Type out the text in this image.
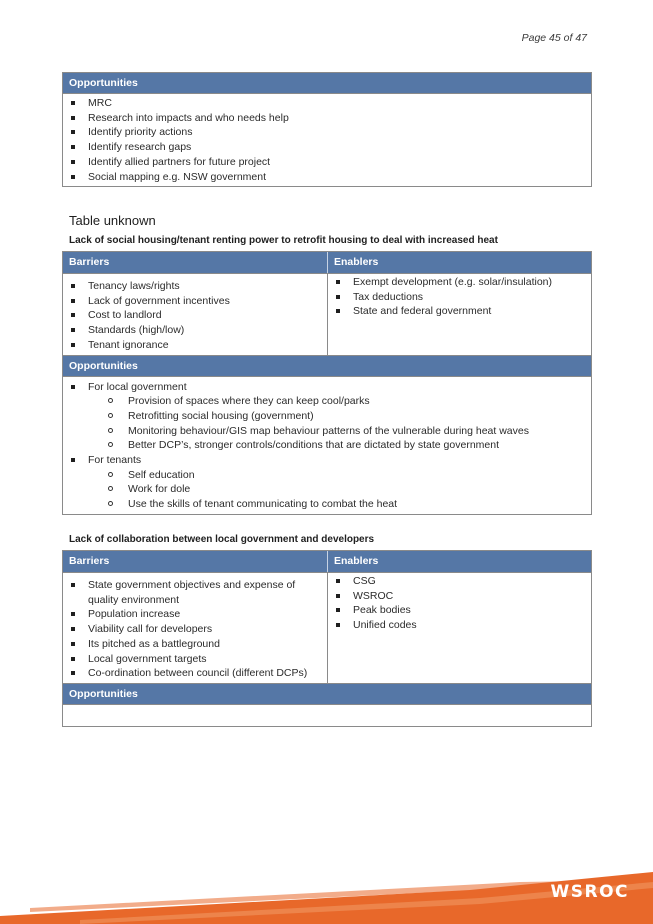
Page 45 of 47
Opportunities
MRC
Research into impacts and who needs help
Identify priority actions
Identify research gaps
Identify allied partners for future project
Social mapping e.g. NSW government
Table unknown
Lack of social housing/tenant renting power to retrofit housing to deal with increased heat
Barriers	Enablers
Tenancy laws/rights
Lack of government incentives
Cost to landlord
Standards (high/low)
Tenant ignorance
Exempt development (e.g. solar/insulation)
Tax deductions
State and federal government
Opportunities
For local government
Provision of spaces where they can keep cool/parks
Retrofitting social housing (government)
Monitoring behaviour/GIS map behaviour patterns of the vulnerable during heat waves
Better DCP’s, stronger controls/conditions that are dictated by state government
For tenants
Self education
Work for dole
Use the skills of tenant communicating to combat the heat
Lack of collaboration between local government and developers
Barriers	Enablers
State government objectives and expense of quality environment
Population increase
Viability call for developers
Its pitched as a battleground
Local government targets
Co-ordination between council (different DCPs)
CSG
WSROC
Peak bodies
Unified codes
Opportunities
WSROC
